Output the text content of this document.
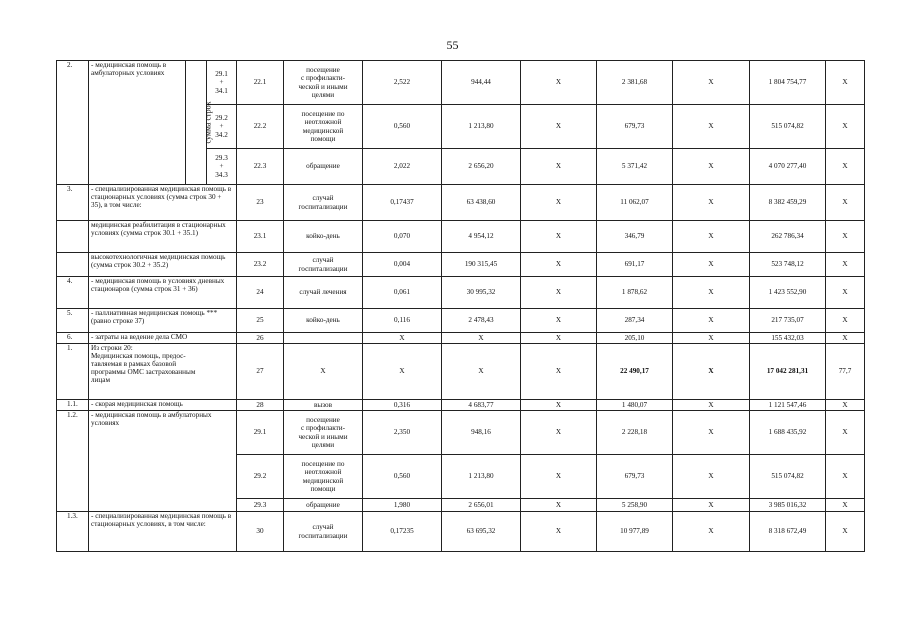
55
2.	- медицинская помощь в амбулаторных условиях	сумма строк	29.1
+
34.1	22.1	посещение
с профилакти-
ческой и иными
целями	2,522	944,44	X	2 381,68	X	1 804 754,77	X
			29.2
+
34.2	22.2	посещение по
неотложной
медицинской
помощи	0,560	1 213,80	X	679,73	X	515 074,82	X
			29.3
+
34.3	22.3	обращение	2,022	2 656,20	X	5 371,42	X	4 070 277,40	X
3.	- специализированная медицинская помощь в стационарных условиях (сумма строк 30 + 35), в том числе:			23	случай
госпитализации	0,17437	63 438,60	X	11 062,07	X	8 382 459,29	X
	медицинская реабилитация в стационарных условиях (сумма строк 30.1 + 35.1)			23.1	койко-день	0,070	4 954,12	X	346,79	X	262 786,34	X
	высокотехнологичная медицинская помощь (сумма строк 30.2 + 35.2)			23.2	случай
госпитализации	0,004	190 315,45	X	691,17	X	523 748,12	X
4.	- медицинская помощь в условиях дневных стационаров (сумма строк 31 + 36)			24	случай лечения	0,061	30 995,32	X	1 878,62	X	1 423 552,90	X
5.	- паллиативная медицинская помощь *** (равно строке 37)			25	койко-день	0,116	2 478,43	X	287,34	X	217 735,07	X
6.	- затраты на ведение дела СМО			26		X	X	X	205,10	X	155 432,03	X
1.	Из строки 20:
Медицинская помощь, предос-
тавляемая в рамках базовой
программы ОМС застрахованным
лицам			27	X	X	X	X	22 490,17	X	17 042 281,31	77,7
1.1.	- скорая медицинская помощь			28	вызов	0,316	4 683,77	X	1 480,07	X	1 121 547,46	X
1.2.	- медицинская помощь в амбулаторных условиях			29.1	посещение
с профилакти-
ческой и иными
целями	2,350	948,16	X	2 228,18	X	1 688 435,92	X
				29.2	посещение по
неотложной
медицинской
помощи	0,560	1 213,80	X	679,73	X	515 074,82	X
				29.3	обращение	1,980	2 656,01	X	5 258,90	X	3 985 016,32	X
1.3.	- специализированная медицинская помощь в стационарных условиях, в том числе:			30	случай
госпитализации	0,17235	63 695,32	X	10 977,89	X	8 318 672,49	X
